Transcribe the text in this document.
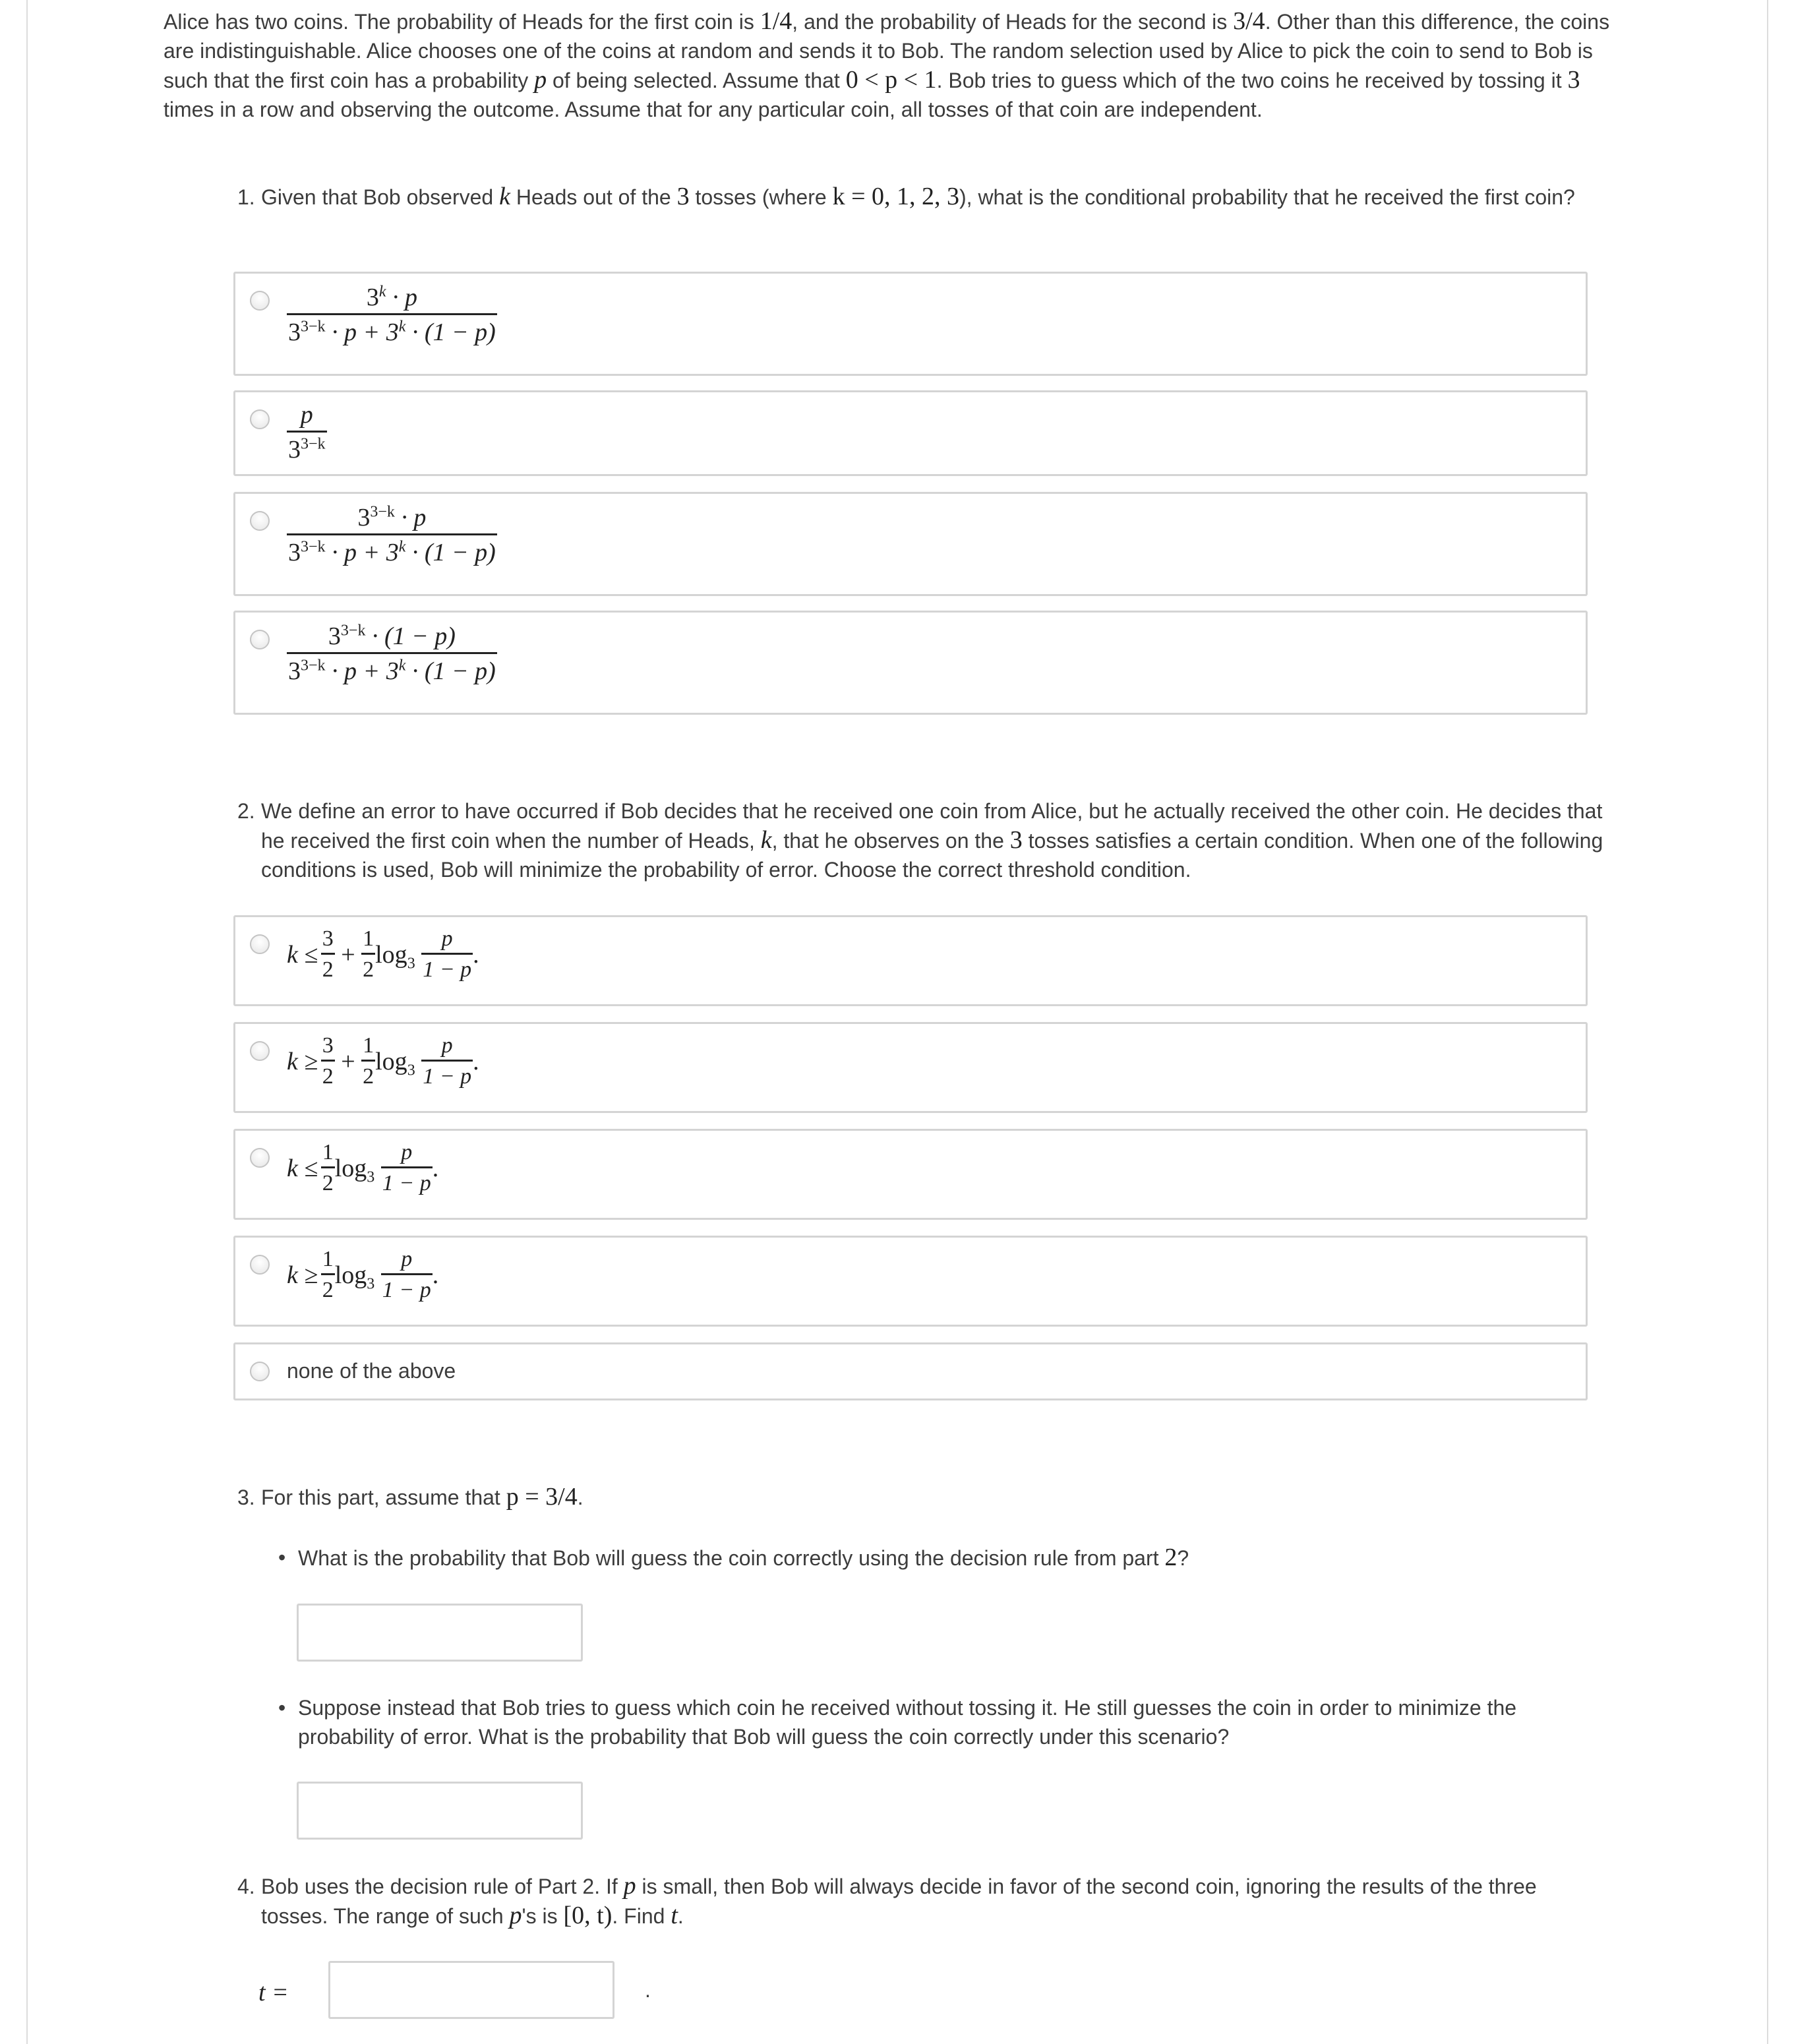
Alice has two coins. The probability of Heads for the first coin is 1/4, and the probability of Heads for the second is 3/4. Other than this difference, the coins are indistinguishable. Alice chooses one of the coins at random and sends it to Bob. The random selection used by Alice to pick the coin to send to Bob is such that the first coin has a probability p of being selected. Assume that 0 < p < 1. Bob tries to guess which of the two coins he received by tossing it 3 times in a row and observing the outcome. Assume that for any particular coin, all tosses of that coin are independent.
1. Given that Bob observed k Heads out of the 3 tosses (where k = 0, 1, 2, 3), what is the conditional probability that he received the first coin?
$\frac{3^k \cdot p}{3^{3-k} \cdot p + 3^k \cdot (1 - p)}$
$\frac{p}{3^{3-k}}$
$\frac{3^{3-k} \cdot p}{3^{3-k} \cdot p + 3^k \cdot (1 - p)}$
$\frac{3^{3-k} \cdot (1 - p)}{3^{3-k} \cdot p + 3^k \cdot (1 - p)}$
2. We define an error to have occurred if Bob decides that he received one coin from Alice, but he actually received the other coin. He decides that he received the first coin when the number of Heads, k, that he observes on the 3 tosses satisfies a certain condition. When one of the following conditions is used, Bob will minimize the probability of error. Choose the correct threshold condition.
k ≤
$\frac{3}{2} + \frac{1}{2} \log_3 \frac{p}{1 - p}$ .
k ≥
$\frac{3}{2} + \frac{1}{2} \log_3 \frac{p}{1 - p}$ .
k ≤
$\frac{1}{2} \log_3 \frac{p}{1 - p}$ .
k ≥
$\frac{1}{2} \log_3 \frac{p}{1 - p}$ .
none of the above
3. For this part, assume that p = 3/4.
• What is the probability that Bob will guess the coin correctly using the decision rule from part 2?
• Suppose instead that Bob tries to guess which coin he received without tossing it. He still guesses the coin in order to minimize the probability of error. What is the probability that Bob will guess the coin correctly under this scenario?
4. Bob uses the decision rule of Part 2. If p is small, then Bob will always decide in favor of the second coin, ignoring the results of the three tosses. The range of such p's is [0, t). Find t.
t =	.
